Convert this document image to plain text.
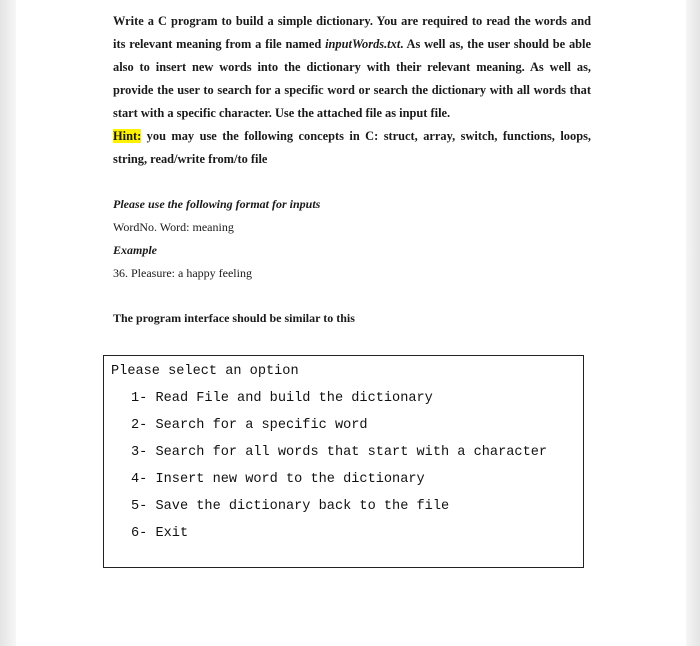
Write a C program to build a simple dictionary. You are required to read the words and its relevant meaning from a file named inputWords.txt. As well as, the user should be able also to insert new words into the dictionary with their relevant meaning. As well as, provide the user to search for a specific word or search the dictionary with all words that start with a specific character. Use the attached file as input file.

Hint: you may use the following concepts in C: struct, array, switch, functions, loops, string, read/write from/to file

Please use the following format for inputs

WordNo. Word: meaning

Example

36. Pleasure: a happy feeling

The program interface should be similar to this

Please select an option
1- Read File and build the dictionary
2- Search for a specific word
3- Search for all words that start with a character
4- Insert new word to the dictionary
5- Save the dictionary back to the file
6- Exit
